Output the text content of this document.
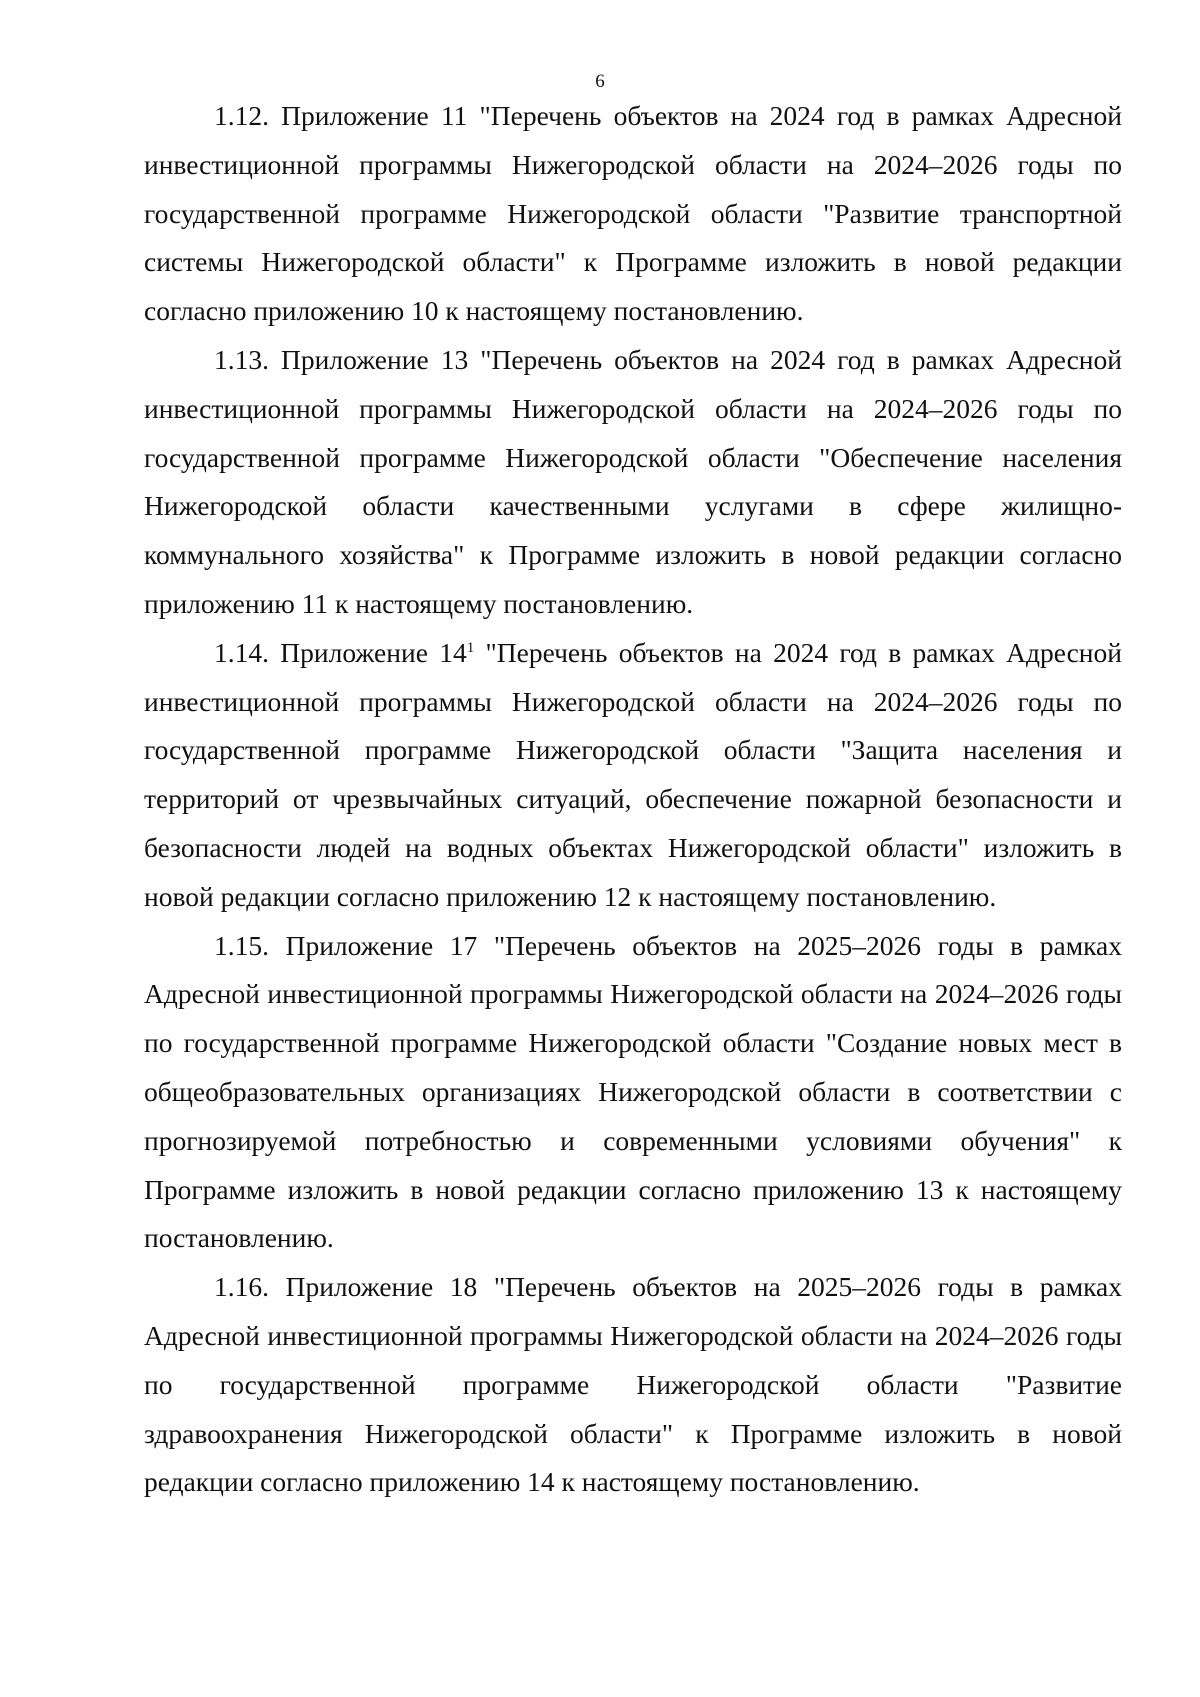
6

1.12. Приложение 11 "Перечень объектов на 2024 год в рамках Адресной инвестиционной программы Нижегородской области на 2024–2026 годы по государственной программе Нижегородской области "Развитие транспортной системы Нижегородской области" к Программе изложить в новой редакции согласно приложению 10 к настоящему постановлению.

1.13. Приложение 13 "Перечень объектов на 2024 год в рамках Адресной инвестиционной программы Нижегородской области на 2024–2026 годы по государственной программе Нижегородской области "Обеспечение населения Нижегородской области качественными услугами в сфере жилищно-коммунального хозяйства" к Программе изложить в новой редакции согласно приложению 11 к настоящему постановлению.

1.14. Приложение $14^1$ "Перечень объектов на 2024 год в рамках Адресной инвестиционной программы Нижегородской области на 2024–2026 годы по государственной программе Нижегородской области "Защита населения и территорий от чрезвычайных ситуаций, обеспечение пожарной безопасности и безопасности людей на водных объектах Нижегородской области" изложить в новой редакции согласно приложению 12 к настоящему постановлению.

1.15. Приложение 17 "Перечень объектов на 2025–2026 годы в рамках Адресной инвестиционной программы Нижегородской области на 2024–2026 годы по государственной программе Нижегородской области "Создание новых мест в общеобразовательных организациях Нижегородской области в соответствии с прогнозируемой потребностью и современными условиями обучения" к Программе изложить в новой редакции согласно приложению 13 к настоящему постановлению.

1.16. Приложение 18 "Перечень объектов на 2025–2026 годы в рамках Адресной инвестиционной программы Нижегородской области на 2024–2026 годы по государственной программе Нижегородской области "Развитие здравоохранения Нижегородской области" к Программе изложить в новой редакции согласно приложению 14 к настоящему постановлению.
